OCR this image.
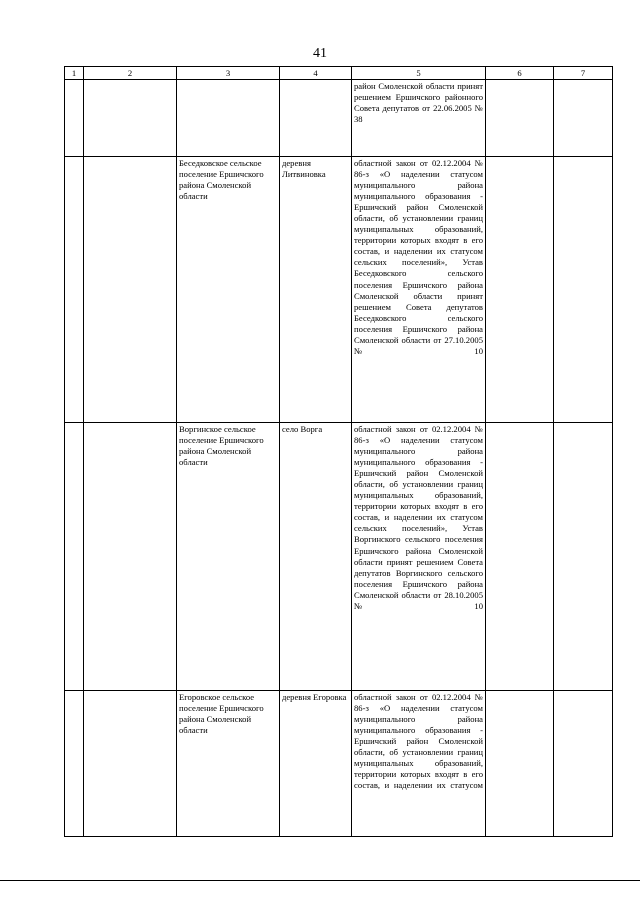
41
1	2	3	4	5	6	7
				район Смоленской области принят решением Ершичского районного Совета депутатов от 22.06.2005 № 38		
		Беседковское сельское поселение Ершичского района Смоленской области	деревня Литвиновка	областной закон от 02.12.2004 № 86-з «О наделении статусом муниципального района муниципального образования - Ершичский район Смоленской области, об установлении границ муниципальных образований, территории которых входят в его состав, и наделении их статусом сельских поселений», Устав Беседковского сельского поселения Ершичского района Смоленской области принят решением Совета депутатов Беседковского сельского поселения Ершичского района Смоленской области от 27.10.2005 № 10		
		Воргинское сельское поселение Ершичского района Смоленской области	село Ворга	областной закон от 02.12.2004 № 86-з «О наделении статусом муниципального района муниципального образования - Ершичский район Смоленской области, об установлении границ муниципальных образований, территории которых входят в его состав, и наделении их статусом сельских поселений», Устав Воргинского сельского поселения Ершичского района Смоленской области принят решением Совета депутатов Воргинского сельского поселения Ершичского района Смоленской области от 28.10.2005 № 10		
		Егоровское сельское поселение Ершичского района Смоленской области	деревня Егоровка	областной закон от 02.12.2004 № 86-з «О наделении статусом муниципального района муниципального образования - Ершичский район Смоленской области, об установлении границ муниципальных образований, территории которых входят в его состав, и наделении их статусом		
